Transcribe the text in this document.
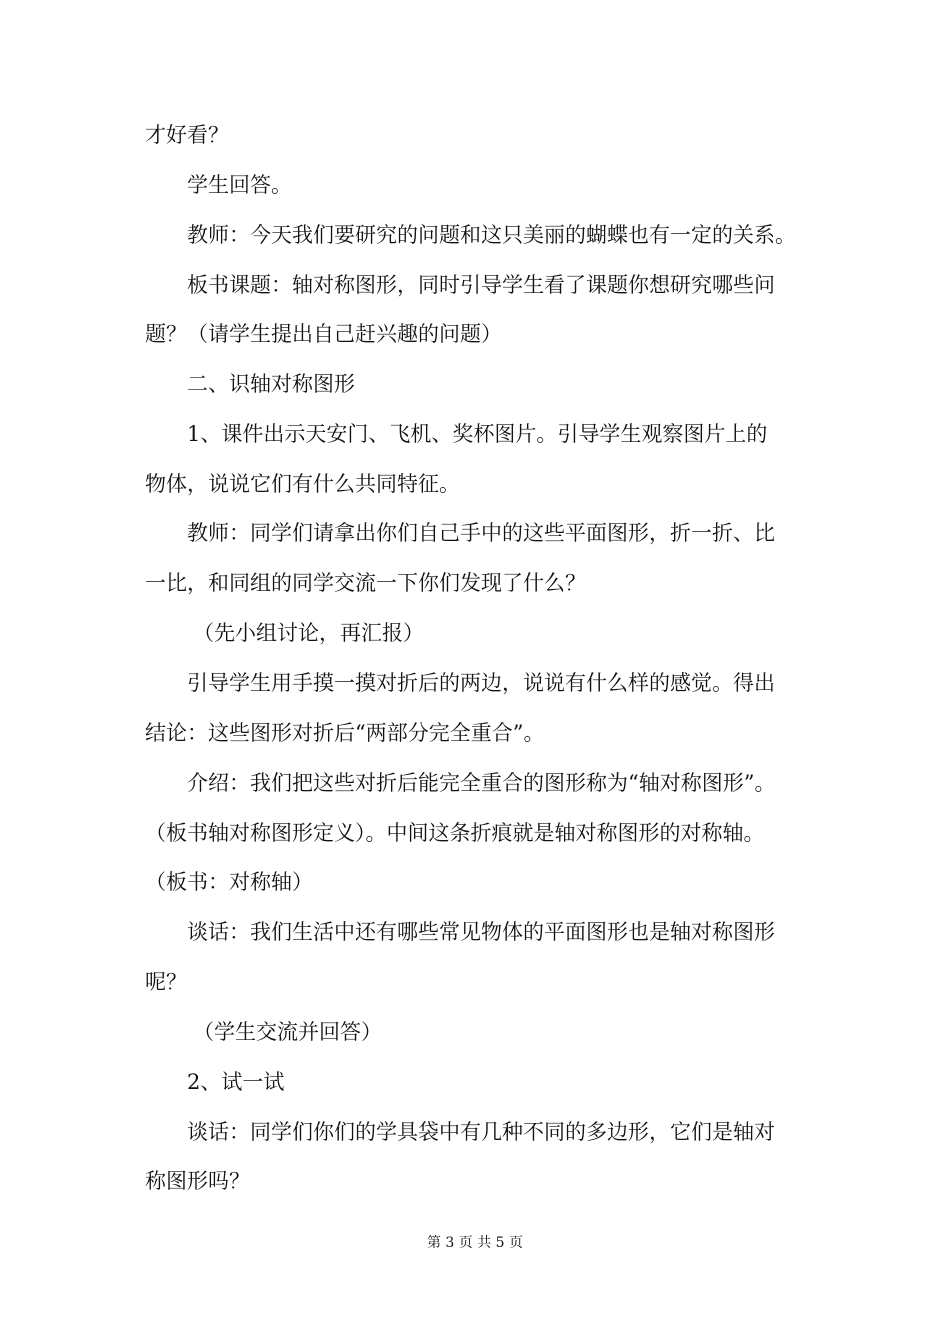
才好看？
学生回答。
教师：今天我们要研究的问题和这只美丽的蝴蝶也有一定的关系。
板书课题：轴对称图形，同时引导学生看了课题你想研究哪些问
题？（请学生提出自己赶兴趣的问题）
二、识轴对称图形
1、课件出示天安门、飞机、奖杯图片。引导学生观察图片上的
物体，说说它们有什么共同特征。
教师：同学们请拿出你们自己手中的这些平面图形，折一折、比
一比，和同组的同学交流一下你们发现了什么？
（先小组讨论，再汇报）
引导学生用手摸一摸对折后的两边，说说有什么样的感觉。得出
结论：这些图形对折后“两部分完全重合”。
介绍：我们把这些对折后能完全重合的图形称为“轴对称图形”。
（板书轴对称图形定义）。中间这条折痕就是轴对称图形的对称轴。
（板书：对称轴）
谈话：我们生活中还有哪些常见物体的平面图形也是轴对称图形
呢？
（学生交流并回答）
2、试一试
谈话：同学们你们的学具袋中有几种不同的多边形，它们是轴对
称图形吗？
第 3 页 共 5 页
